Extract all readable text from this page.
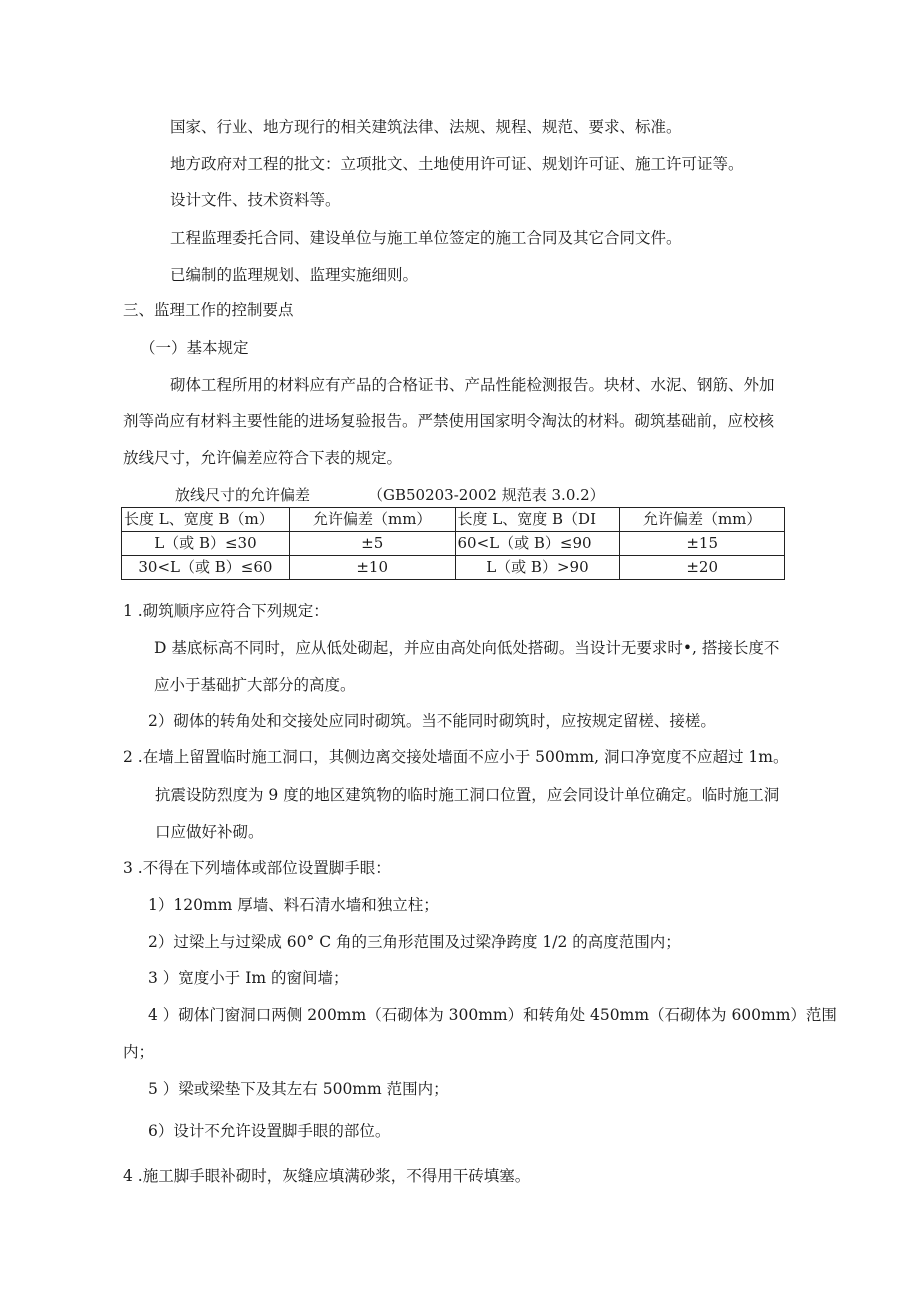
国家、行业、地方现行的相关建筑法律、法规、规程、规范、要求、标准。
地方政府对工程的批文：立项批文、土地使用许可证、规划许可证、施工许可证等。
设计文件、技术资料等。
工程监理委托合同、建设单位与施工单位签定的施工合同及其它合同文件。
已编制的监理规划、监理实施细则。
三、监理工作的控制要点
（一）基本规定
砌体工程所用的材料应有产品的合格证书、产品性能检测报告。块材、水泥、钢筋、外加
剂等尚应有材料主要性能的进场复验报告。严禁使用国家明令淘汰的材料。砌筑基础前，应校核
放线尺寸，允许偏差应符合下表的规定。
放线尺寸的允许偏差	（GB50203-2002 规范表 3.0.2）
长度 L、宽度 B（m）	允许偏差（mm）	长度 L、宽度 B（DI	允许偏差（mm）
L（或 B）≤30	±5	60<L（或 B）≤90	±15
30<L（或 B）≤60	±10	L（或 B）>90	±20
1 .砌筑顺序应符合下列规定：
D 基底标高不同时，应从低处砌起，并应由高处向低处搭砌。当设计无要求时•, 搭接长度不
应小于基础扩大部分的高度。
2）砌体的转角处和交接处应同时砌筑。当不能同时砌筑时，应按规定留槎、接槎。
2 .在墙上留置临时施工洞口，其侧边离交接处墙面不应小于 500mm, 洞口净宽度不应超过 1m。
抗震设防烈度为 9 度的地区建筑物的临时施工洞口位置，应会同设计单位确定。临时施工洞
口应做好补砌。
3 .不得在下列墙体或部位设置脚手眼：
1）120mm 厚墙、料石清水墙和独立柱；
2）过梁上与过梁成 60° C 角的三角形范围及过梁净跨度 1/2 的高度范围内；
3 ）宽度小于 Im 的窗间墙；
4 ）砌体门窗洞口两侧 200mm（石砌体为 300mm）和转角处 450mm（石砌体为 600mm）范围
内；
5 ）梁或梁垫下及其左右 500mm 范围内；
6）设计不允许设置脚手眼的部位。
4 .施工脚手眼补砌时，灰缝应填满砂浆，不得用干砖填塞。
